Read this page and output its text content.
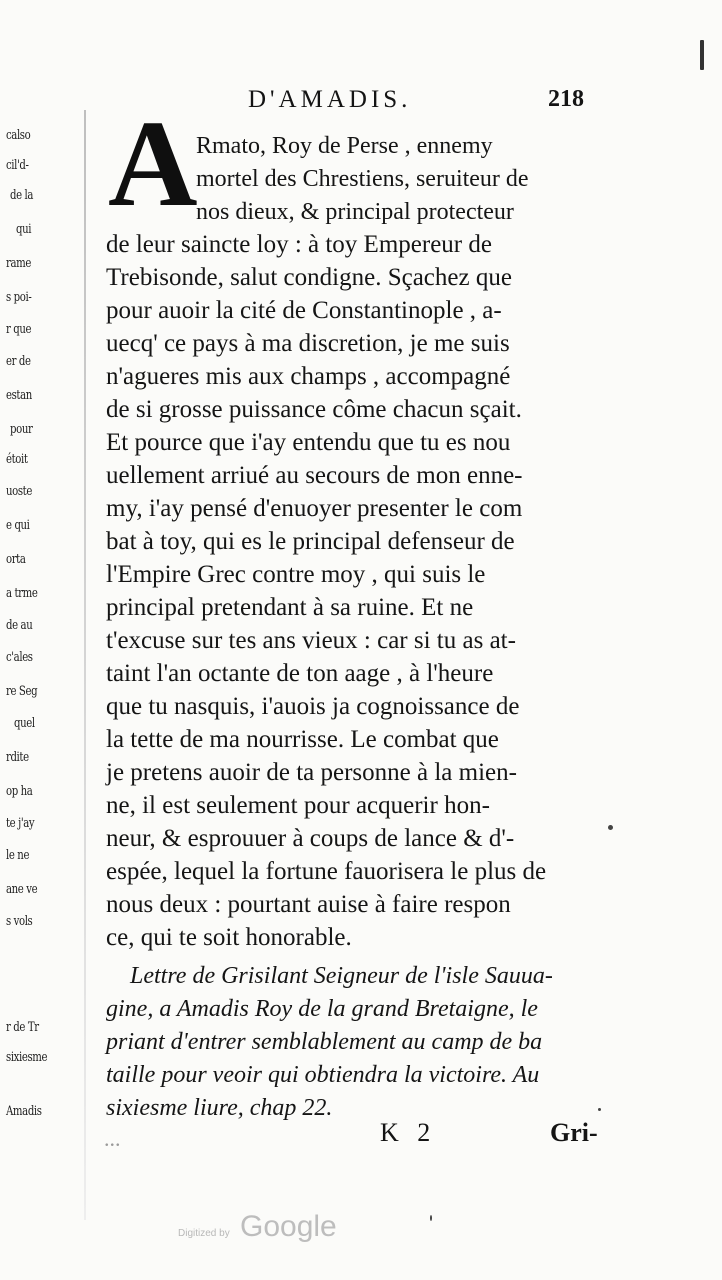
calso
cil'd-
de la
qui
rame
s poi-
r que
er de
estan
pour
étoit
uoste
e qui
orta
a trme
de au
c'ales
re Seg
quel
rdite
op ha
te j'ay
le ne
ane ve
s vols
r de Tr
sixiesme
Amadis
D'AMADIS.	218
A
Rmato, Roy de Perse , ennemy
mortel des Chrestiens, seruiteur de
nos dieux, & principal protecteur
de leur saincte loy : à toy Empereur de
Trebisonde, salut condigne. Sçachez que
pour auoir la cité de Constantinople , a-
uecq' ce pays à ma discretion, je me suis
n'agueres mis aux champs , accompagné
de si grosse puissance côme chacun sçait.
Et pource que i'ay entendu que tu es nou
uellement arriué au secours de mon enne-
my, i'ay pensé d'enuoyer presenter le com
bat à toy, qui es le principal defenseur de
l'Empire Grec contre moy , qui suis le
principal pretendant à sa ruine. Et ne
t'excuse sur tes ans vieux : car si tu as at-
taint l'an octante de ton aage , à l'heure
que tu nasquis, i'auois ja cognoissance de
la tette de ma nourrisse. Le combat que
je pretens auoir de ta personne à la mien-
ne, il est seulement pour acquerir hon-
neur, & esprouuer à coups de lance & d'-
espée, lequel la fortune fauorisera le plus de
nous deux : pourtant auise à faire respon
ce, qui te soit honorable.
Lettre de Grisilant Seigneur de l'isle Sauua-
gine, a Amadis Roy de la grand Bretaigne, le
priant d'entrer semblablement au camp de ba
taille pour veoir qui obtiendra la victoire. Au
sixiesme liure, chap 22.
...	K 2	Gri-
Digitized by Google
